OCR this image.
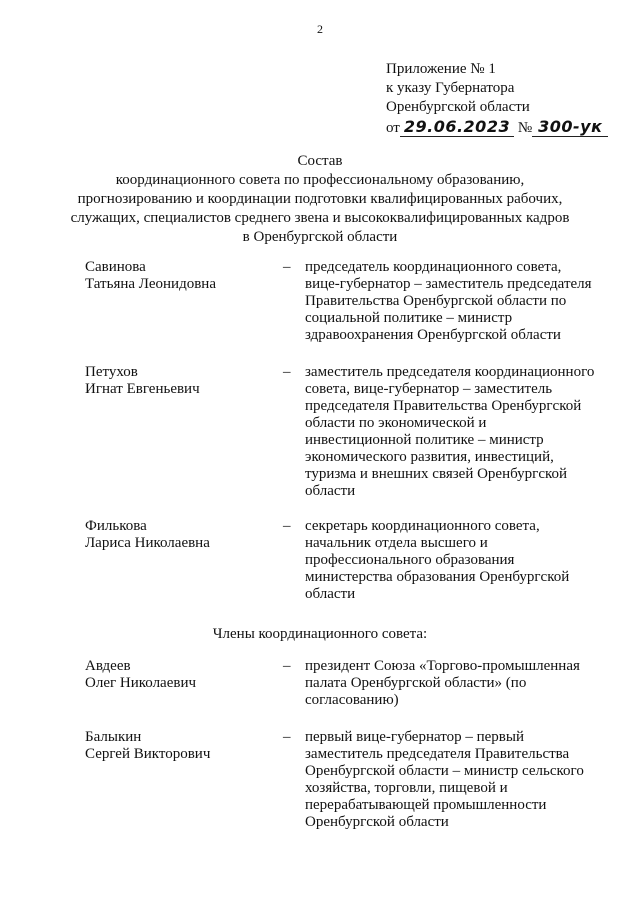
2
Приложение № 1
к указу Губернатора
Оренбургской области
от 29.06.2023 № 300-ук
Состав
координационного совета по профессиональному образованию,
прогнозированию и координации подготовки квалифицированных рабочих,
служащих, специалистов среднего звена и высококвалифицированных кадров
в Оренбургской области
Савинова
Татьяна Леонидовна
– председатель координационного совета,
вице-губернатор – заместитель председателя
Правительства Оренбургской области по
социальной политике – министр
здравоохранения Оренбургской области
Петухов
Игнат Евгеньевич
– заместитель председателя координационного
совета, вице-губернатор – заместитель
председателя Правительства Оренбургской
области по экономической и
инвестиционной политике – министр
экономического развития, инвестиций,
туризма и внешних связей Оренбургской
области
Филькова
Лариса Николаевна
– секретарь координационного совета,
начальник отдела высшего и
профессионального образования
министерства образования Оренбургской
области
Члены координационного совета:
Авдеев
Олег Николаевич
– президент Союза «Торгово-промышленная
палата Оренбургской области» (по
согласованию)
Балыкин
Сергей Викторович
– первый вице-губернатор – первый
заместитель председателя Правительства
Оренбургской области – министр сельского
хозяйства, торговли, пищевой и
перерабатывающей промышленности
Оренбургской области
